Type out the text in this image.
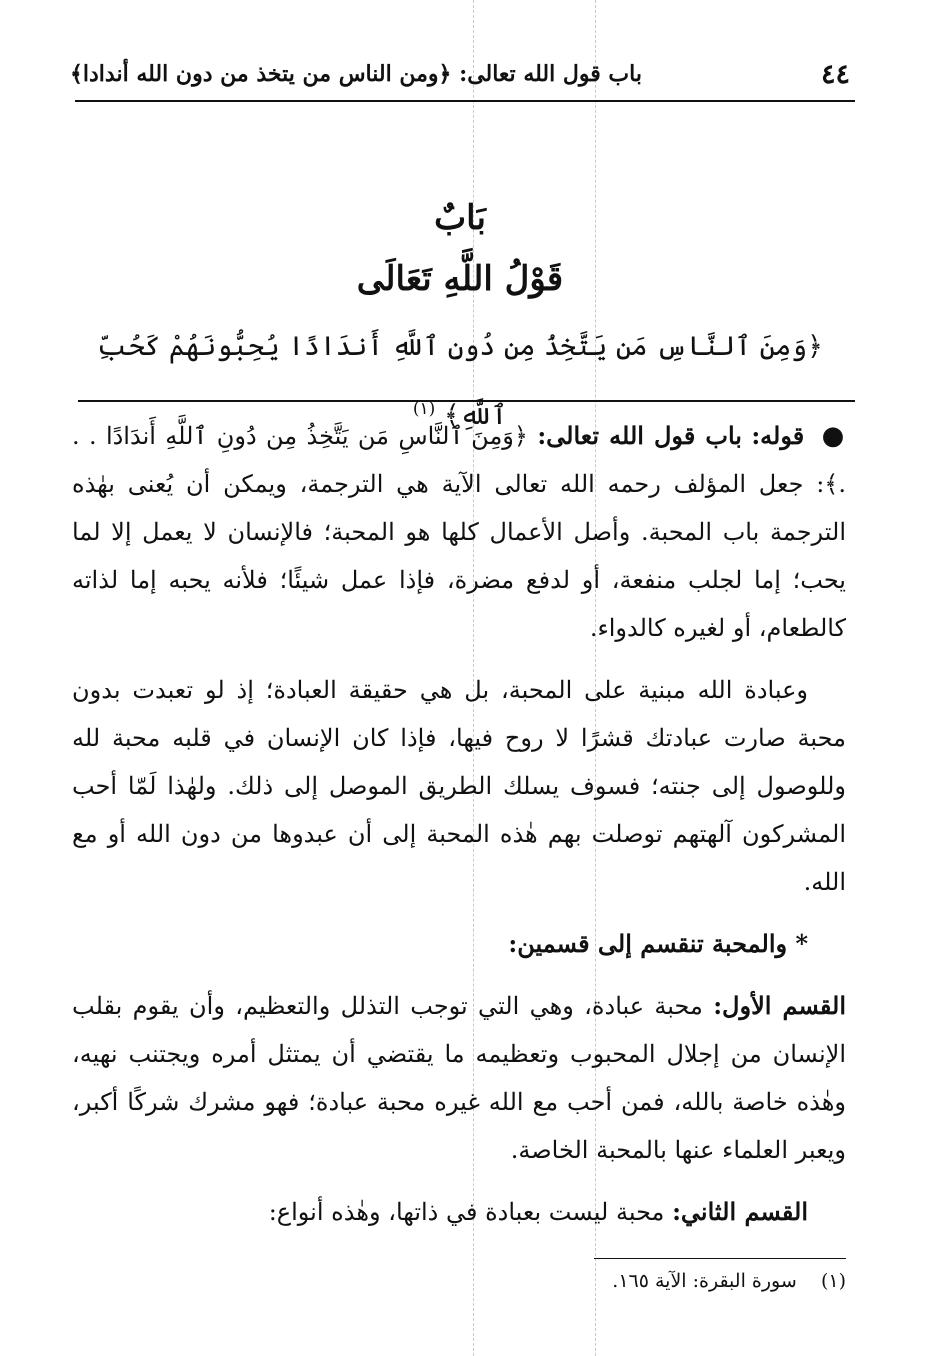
٤٤
باب قول الله تعالى: ﴿ومن الناس من يتخذ من دون الله أندادا﴾
بَابٌ
قَوْلُ اللَّهِ تَعَالَى
﴿وَمِنَ ٱلنَّاسِ مَن يَتَّخِذُ مِن دُونِ ٱللَّهِ أَندَادًا يُحِبُّونَهُمْ كَحُبِّ ٱللَّهِ﴾ $^{(١)}$

● قوله: باب قول الله تعالى: ﴿وَمِنَ ٱلنَّاسِ مَن يَتَّخِذُ مِن دُونِ ٱللَّهِ أَندَادًا . . .﴾: جعل المؤلف رحمه الله تعالى الآية هي الترجمة، ويمكن أن يُعنى بهٰذه الترجمة باب المحبة. وأصل الأعمال كلها هو المحبة؛ فالإنسان لا يعمل إلا لما يحب؛ إما لجلب منفعة، أو لدفع مضرة، فإذا عمل شيئًا؛ فلأنه يحبه إما لذاته كالطعام، أو لغيره كالدواء.

وعبادة الله مبنية على المحبة، بل هي حقيقة العبادة؛ إذ لو تعبدت بدون محبة صارت عبادتك قشرًا لا روح فيها، فإذا كان الإنسان في قلبه محبة لله وللوصول إلى جنته؛ فسوف يسلك الطريق الموصل إلى ذلك. ولهٰذا لَمّا أحب المشركون آلهتهم توصلت بهم هٰذه المحبة إلى أن عبدوها من دون الله أو مع الله.

* والمحبة تنقسم إلى قسمين:

القسم الأول: محبة عبادة، وهي التي توجب التذلل والتعظيم، وأن يقوم بقلب الإنسان من إجلال المحبوب وتعظيمه ما يقتضي أن يمتثل أمره ويجتنب نهيه، وهٰذه خاصة بالله، فمن أحب مع الله غيره محبة عبادة؛ فهو مشرك شركًا أكبر، ويعبر العلماء عنها بالمحبة الخاصة.

القسم الثاني: محبة ليست بعبادة في ذاتها، وهٰذه أنواع:

(١)    سورة البقرة: الآية ١٦٥.
